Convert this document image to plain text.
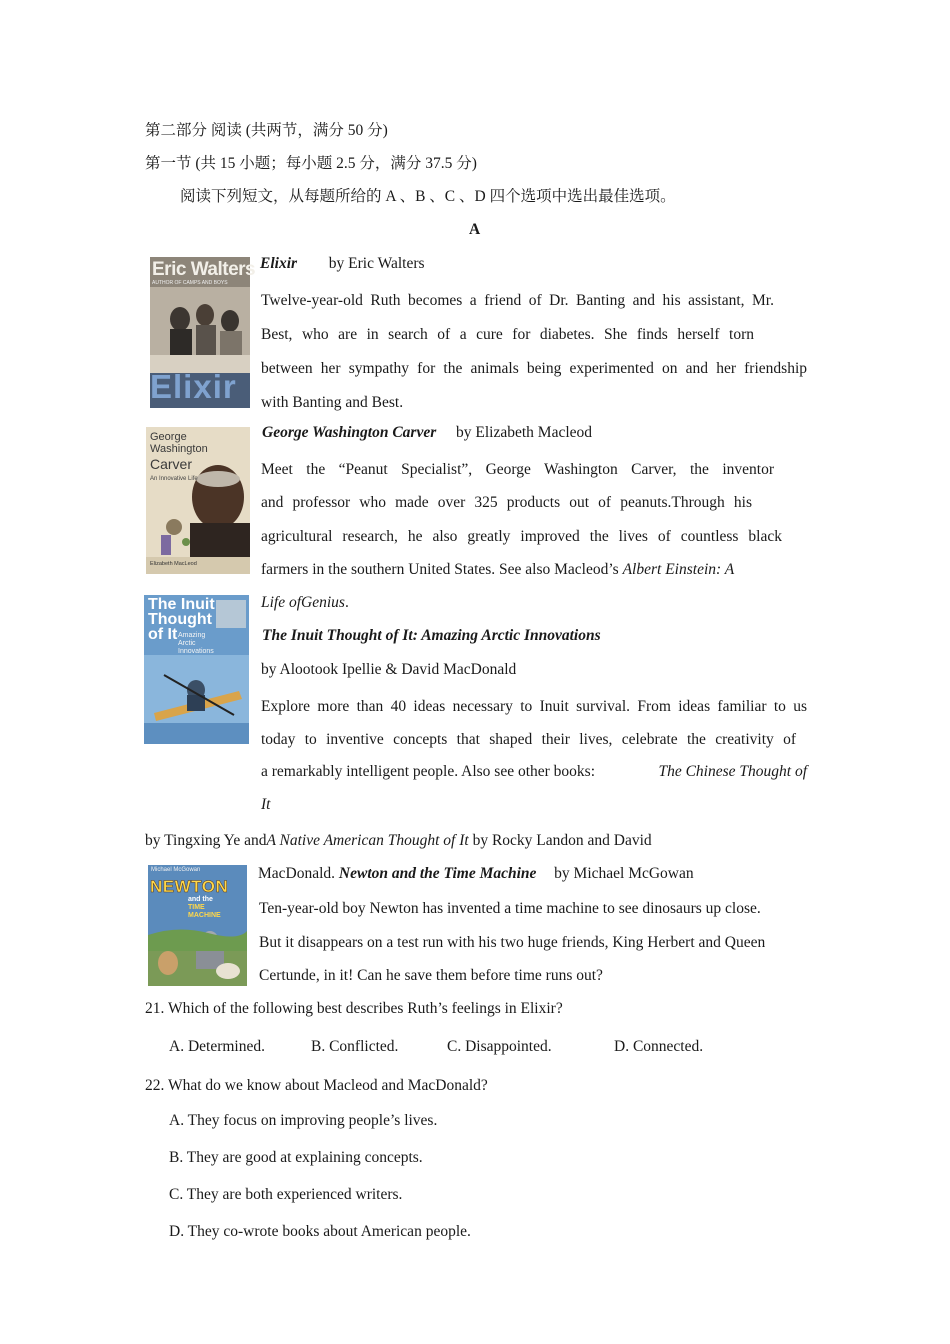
第二部分 阅读 (共两节，满分 50 分)
第一节 (共 15 小题；每小题 2.5 分，满分 37.5 分)
阅读下列短文，从每题所给的 A 、B 、C 、D 四个选项中选出最佳选项。
A
Eric Walters
AUTHOR OF CAMPS AND BOYS
Elixir
Elixir by Eric Walters
Twelve-year-old Ruth becomes a friend of Dr. Banting and his assistant, Mr.
Best, who are in search of a cure for diabetes. She finds herself torn
between her sympathy for the animals being experimented on and her friendship
with Banting and Best.
George
Washington
Carver
An Innovative Life
Elizabeth MacLeod
George Washington Carver by Elizabeth Macleod
Meet the “Peanut Specialist”, George Washington Carver, the inventor
and professor who made over 325 products out of peanuts.Through his
agricultural research, he also greatly improved the lives of countless black
farmers in the southern United States. See also Macleod’s Albert Einstein: A
Life ofGenius.
The Inuit
Thought
of It Amazing
Arctic
Innovations
The Inuit Thought of It: Amazing Arctic Innovations
by Alootook Ipellie & David MacDonald
Explore more than 40 ideas necessary to Inuit survival. From ideas familiar to us
today to inventive concepts that shaped their lives, celebrate the creativity of
a remarkably intelligent people. Also see other books:	The Chinese Thought of
It
by Tingxing Ye andA Native American Thought of It by Rocky Landon and David
Michael McGowan
NEWTON
and the
TIME
MACHINE
MacDonald. Newton and the Time Machine by Michael McGowan
Ten-year-old boy Newton has invented a time machine to see dinosaurs up close.
But it disappears on a test run with his two huge friends, King Herbert and Queen
Certunde, in it! Can he save them before time runs out?
21. Which of the following best describes Ruth’s feelings in Elixir?
A. Determined.	B. Conflicted.	C. Disappointed.	D. Connected.
22. What do we know about Macleod and MacDonald?
A. They focus on improving people’s lives.
B. They are good at explaining concepts.
C. They are both experienced writers.
D. They co-wrote books about American people.
